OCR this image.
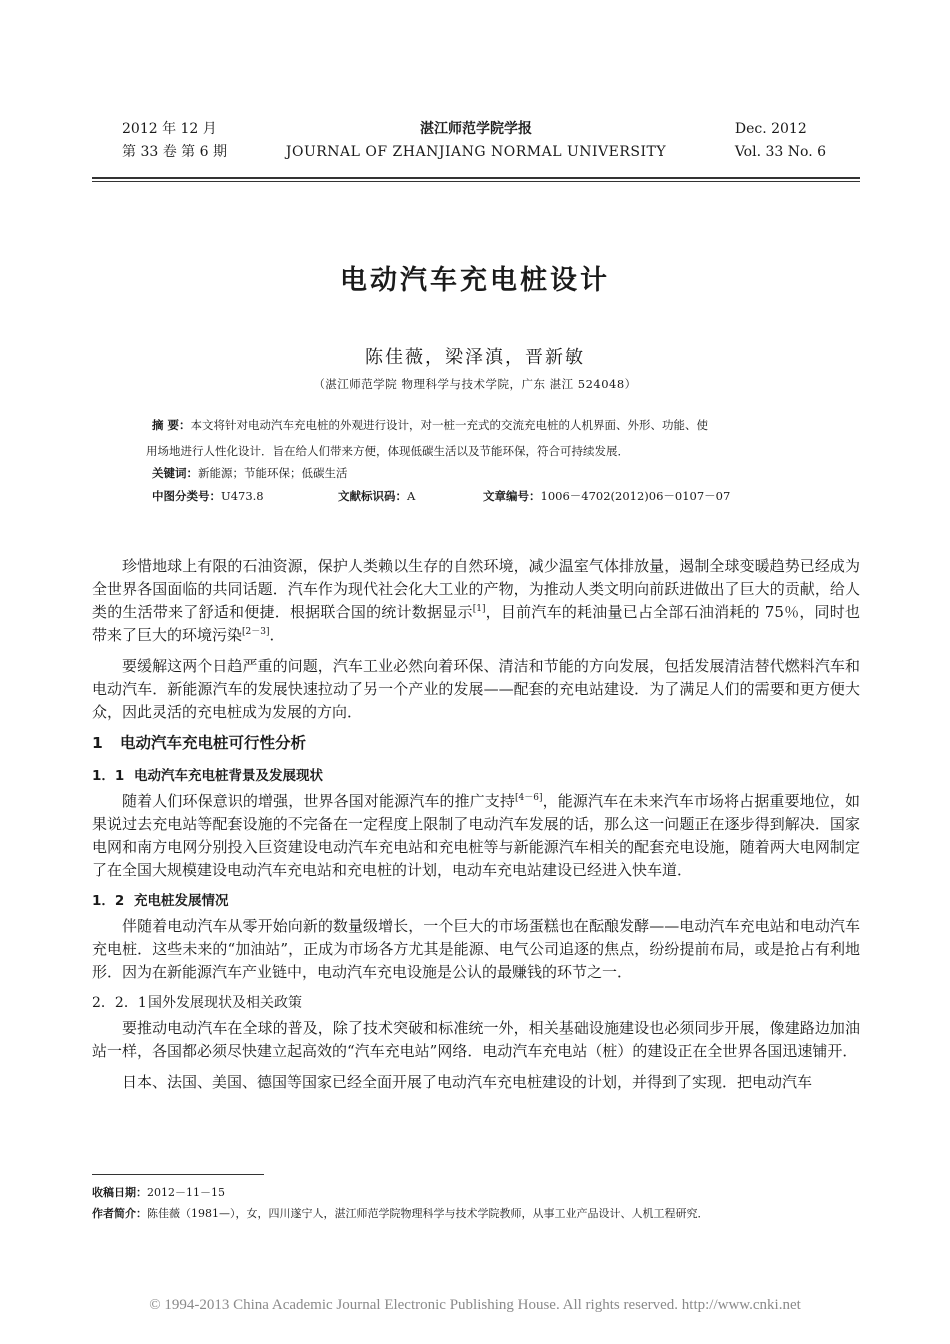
2012 年 12 月
第 33 卷 第 6 期
湛江师范学院学报
JOURNAL OF ZHANJIANG NORMAL UNIVERSITY
Dec. 2012
Vol. 33 No. 6
电动汽车充电桩设计
陈佳薇，梁泽滇，晋新敏
（湛江师范学院 物理科学与技术学院，广东 湛江 524048）
摘 要：本文将针对电动汽车充电桩的外观进行设计，对一桩一充式的交流充电桩的人机界面、外形、功能、使
用场地进行人性化设计．旨在给人们带来方便，体现低碳生活以及节能环保，符合可持续发展．
关键词：新能源；节能环保；低碳生活
中图分类号：U473.8	文献标识码：A	文章编号：1006－4702(2012)06－0107－07

珍惜地球上有限的石油资源，保护人类赖以生存的自然环境，减少温室气体排放量，遏制全球变暖趋势已经成为全世界各国面临的共同话题．汽车作为现代社会化大工业的产物，为推动人类文明向前跃进做出了巨大的贡献，给人类的生活带来了舒适和便捷．根据联合国的统计数据显示[1]，目前汽车的耗油量已占全部石油消耗的 75％，同时也带来了巨大的环境污染[2－3]．

要缓解这两个日趋严重的问题，汽车工业必然向着环保、清洁和节能的方向发展，包括发展清洁替代燃料汽车和电动汽车．新能源汽车的发展快速拉动了另一个产业的发展——配套的充电站建设．为了满足人们的需要和更方便大众，因此灵活的充电桩成为发展的方向．

1 电动汽车充电桩可行性分析
1．1 电动汽车充电桩背景及发展现状

随着人们环保意识的增强，世界各国对能源汽车的推广支持[4－6]，能源汽车在未来汽车市场将占据重要地位，如果说过去充电站等配套设施的不完备在一定程度上限制了电动汽车发展的话，那么这一问题正在逐步得到解决．国家电网和南方电网分别投入巨资建设电动汽车充电站和充电桩等与新能源汽车相关的配套充电设施，随着两大电网制定了在全国大规模建设电动汽车充电站和充电桩的计划，电动车充电站建设已经进入快车道．

1．2 充电桩发展情况

伴随着电动汽车从零开始向新的数量级增长，一个巨大的市场蛋糕也在酝酿发酵——电动汽车充电站和电动汽车充电桩．这些未来的“加油站”，正成为市场各方尤其是能源、电气公司追逐的焦点，纷纷提前布局，或是抢占有利地形．因为在新能源汽车产业链中，电动汽车充电设施是公认的最赚钱的环节之一．

2．2．1国外发展现状及相关政策

要推动电动汽车在全球的普及，除了技术突破和标准统一外，相关基础设施建设也必须同步开展，像建路边加油站一样，各国都必须尽快建立起高效的“汽车充电站”网络．电动汽车充电站（桩）的建设正在全世界各国迅速铺开．

日本、法国、美国、德国等国家已经全面开展了电动汽车充电桩建设的计划，并得到了实现．把电动汽车

收稿日期：2012－11－15
作者简介：陈佳薇（1981—），女，四川遂宁人，湛江师范学院物理科学与技术学院教师，从事工业产品设计、人机工程研究．
© 1994-2013 China Academic Journal Electronic Publishing House. All rights reserved. http://www.cnki.net
